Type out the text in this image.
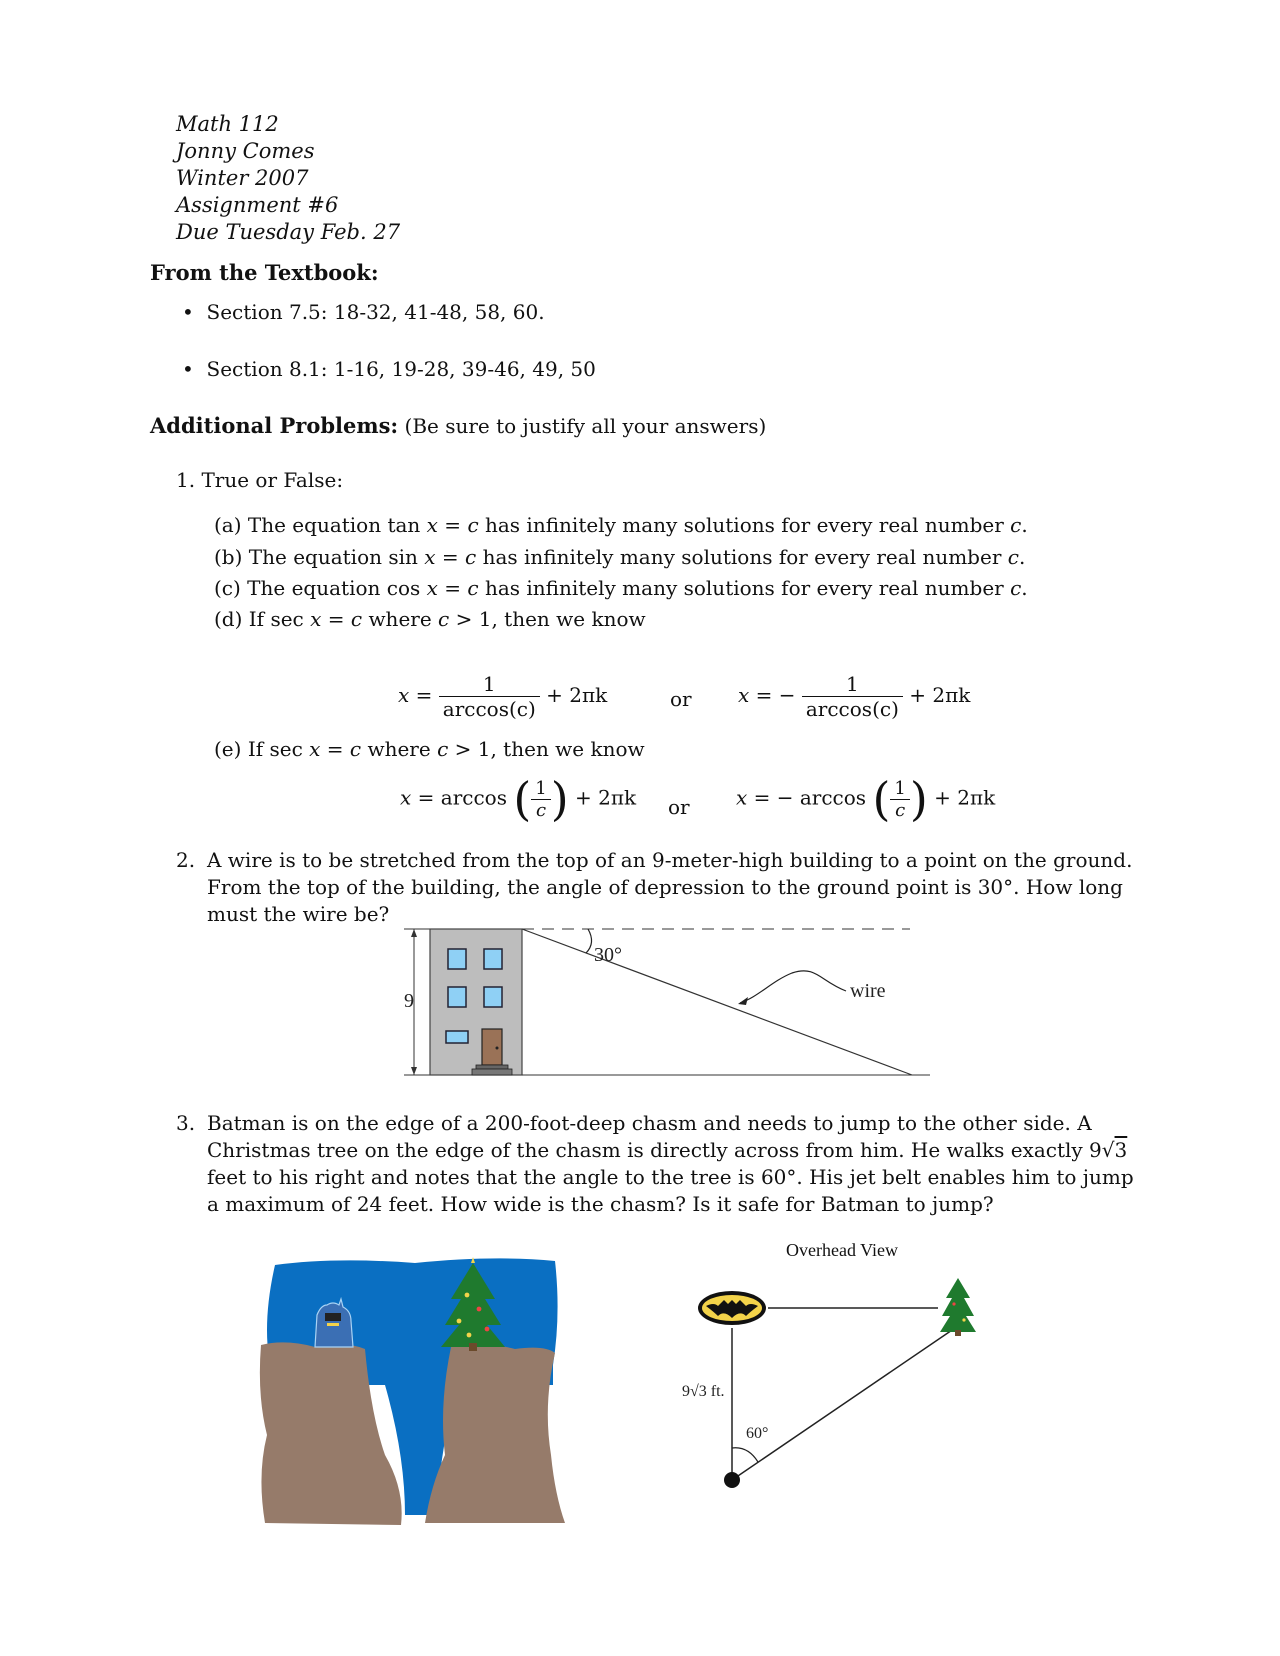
Math 112
Jonny Comes
Winter 2007
Assignment #6
Due Tuesday Feb. 27
From the Textbook:
• Section 7.5: 18-32, 41-48, 58, 60.
• Section 8.1: 1-16, 19-28, 39-46, 49, 50
Additional Problems: (Be sure to justify all your answers)
1. True or False:
(a) The equation tan x = c has infinitely many solutions for every real number c.
(b) The equation sin x = c has infinitely many solutions for every real number c.
(c) The equation cos x = c has infinitely many solutions for every real number c.
(d) If sec x = c where c > 1, then we know
$x = \frac{1}{\arccos(c)} + 2\pi k$	or x = − $\frac{1}{\arccos(c)} + 2\pi k$
(e) If sec x = c where c > 1, then we know
x = arccos ( $\frac{1}{c}$ ) + 2πk or x = − arccos ( $\frac{1}{c}$ ) + 2πk
2. A wire is to be stretched from the top of an 9-meter-high building to a point on the ground.
From the top of the building, the angle of depression to the ground point is 30°. How long
must the wire be?
9
30°
wire
3. Batman is on the edge of a 200-foot-deep chasm and needs to jump to the other side. A
Christmas tree on the edge of the chasm is directly across from him. He walks exactly 9√3
feet to his right and notes that the angle to the tree is 60°. His jet belt enables him to jump
a maximum of 24 feet. How wide is the chasm? Is it safe for Batman to jump?
Overhead View
60°
9√3 ft.
